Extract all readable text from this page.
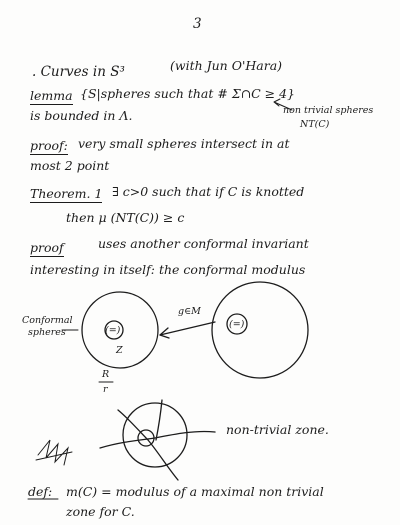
3
. Curves in S³	(with Jun O'Hara)
lemma {S|spheres such that # Σ∩C ≥ 4}
is bounded in Λ.	non trivial spheres
NT(C)
proof: very small spheres intersect in at
most 2 point
Theorem. 1 ∃ c>0 such that if C is knotted
then μ (NT(C)) ≥ c
proof	uses another conformal invariant
interesting in itself: the conformal modulus
Conformal
spheres	(=)
Z
g∈M
(=)
R
r
non-trivial zone.
def: m(C) = modulus of a maximal non trivial
zone for C.
